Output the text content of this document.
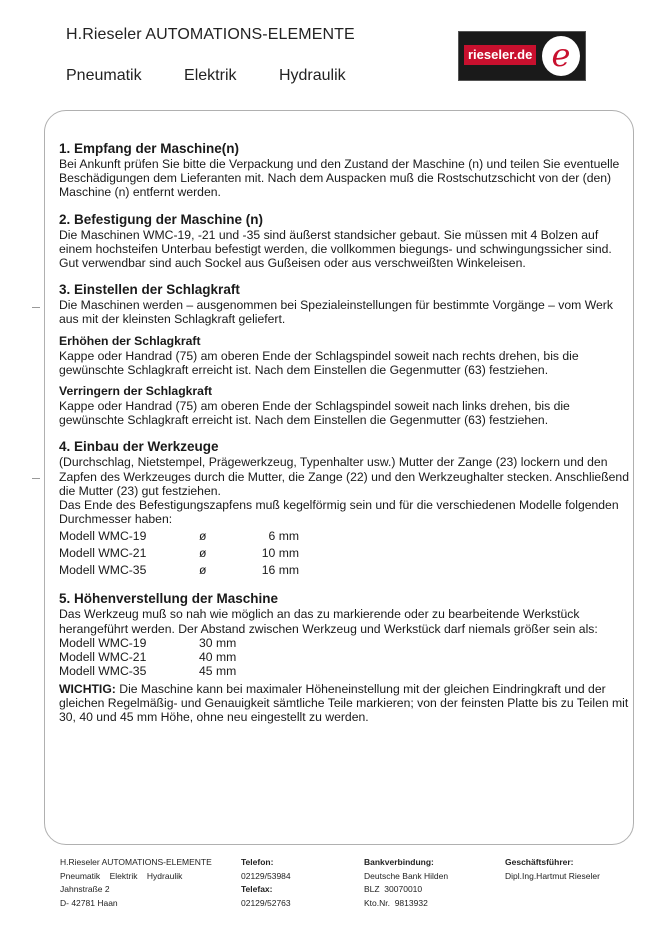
H.Rieseler AUTOMATIONS-ELEMENTE
Pneumatik	Elektrik	Hydraulik
rieseler.de e
1. Empfang der Maschine(n)

Bei Ankunft prüfen Sie bitte die Verpackung und den Zustand der Maschine (n) und teilen Sie eventuelle Beschädigungen dem Lieferanten mit. Nach dem Auspacken muß die Rostschutzschicht von der (den) Maschine (n) entfernt werden.

2. Befestigung der Maschine (n)

Die Maschinen WMC-19, -21 und -35 sind äußerst standsicher gebaut. Sie müssen mit 4 Bolzen auf einem hochsteifen Unterbau befestigt werden, die vollkommen biegungs- und schwingungssicher sind. Gut verwendbar sind auch Sockel aus Gußeisen oder aus verschweißten Winkeleisen.

3. Einstellen der Schlagkraft

Die Maschinen werden – ausgenommen bei Spezialeinstellungen für bestimmte Vorgänge – vom Werk aus mit der kleinsten Schlagkraft geliefert.

Erhöhen der Schlagkraft

Kappe oder Handrad (75) am oberen Ende der Schlagspindel soweit nach rechts drehen, bis die gewünschte Schlagkraft erreicht ist. Nach dem Einstellen die Gegenmutter (63) festziehen.

Verringern der Schlagkraft

Kappe oder Handrad (75) am oberen Ende der Schlagspindel soweit nach links drehen, bis die gewünschte Schlagkraft erreicht ist. Nach dem Einstellen die Gegenmutter (63) festziehen.

4. Einbau der Werkzeuge

(Durchschlag, Nietstempel, Prägewerkzeug, Typenhalter usw.) Mutter der Zange (23) lockern und den Zapfen des Werkzeuges durch die Mutter, die Zange (22) und den Werkzeughalter stecken. Anschließend die Mutter (23) gut festziehen.

Das Ende des Befestigungszapfens muß kegelförmig sein und für die verschiedenen Modelle folgenden Durchmesser haben:

Modell WMC-19	ø	6 mm
Modell WMC-21	ø	10 mm
Modell WMC-35	ø	16 mm
5. Höhenverstellung der Maschine

Das Werkzeug muß so nah wie möglich an das zu markierende oder zu bearbeitende Werkstück herangeführt werden. Der Abstand zwischen Werkzeug und Werkstück darf niemals größer sein als:

Modell WMC-19	30 mm
Modell WMC-21	40 mm
Modell WMC-35	45 mm

WICHTIG: Die Maschine kann bei maximaler Höheneinstellung mit der gleichen Eindringkraft und der gleichen Regelmäßig- und Genauigkeit sämtliche Teile markieren; von der feinsten Platte bis zu Teilen mit 30, 40 und 45 mm Höhe, ohne neu eingestellt zu werden.

H.Rieseler AUTOMATIONS-ELEMENTE
Pneumatik    Elektrik    Hydraulik
Jahnstraße 2
D- 42781 Haan
Telefon:
02129/53984
Telefax:
02129/52763
Bankverbindung:
Deutsche Bank Hilden
BLZ  30070010
Kto.Nr.  9813932
Geschäftsführer:
Dipl.Ing.Hartmut Rieseler
